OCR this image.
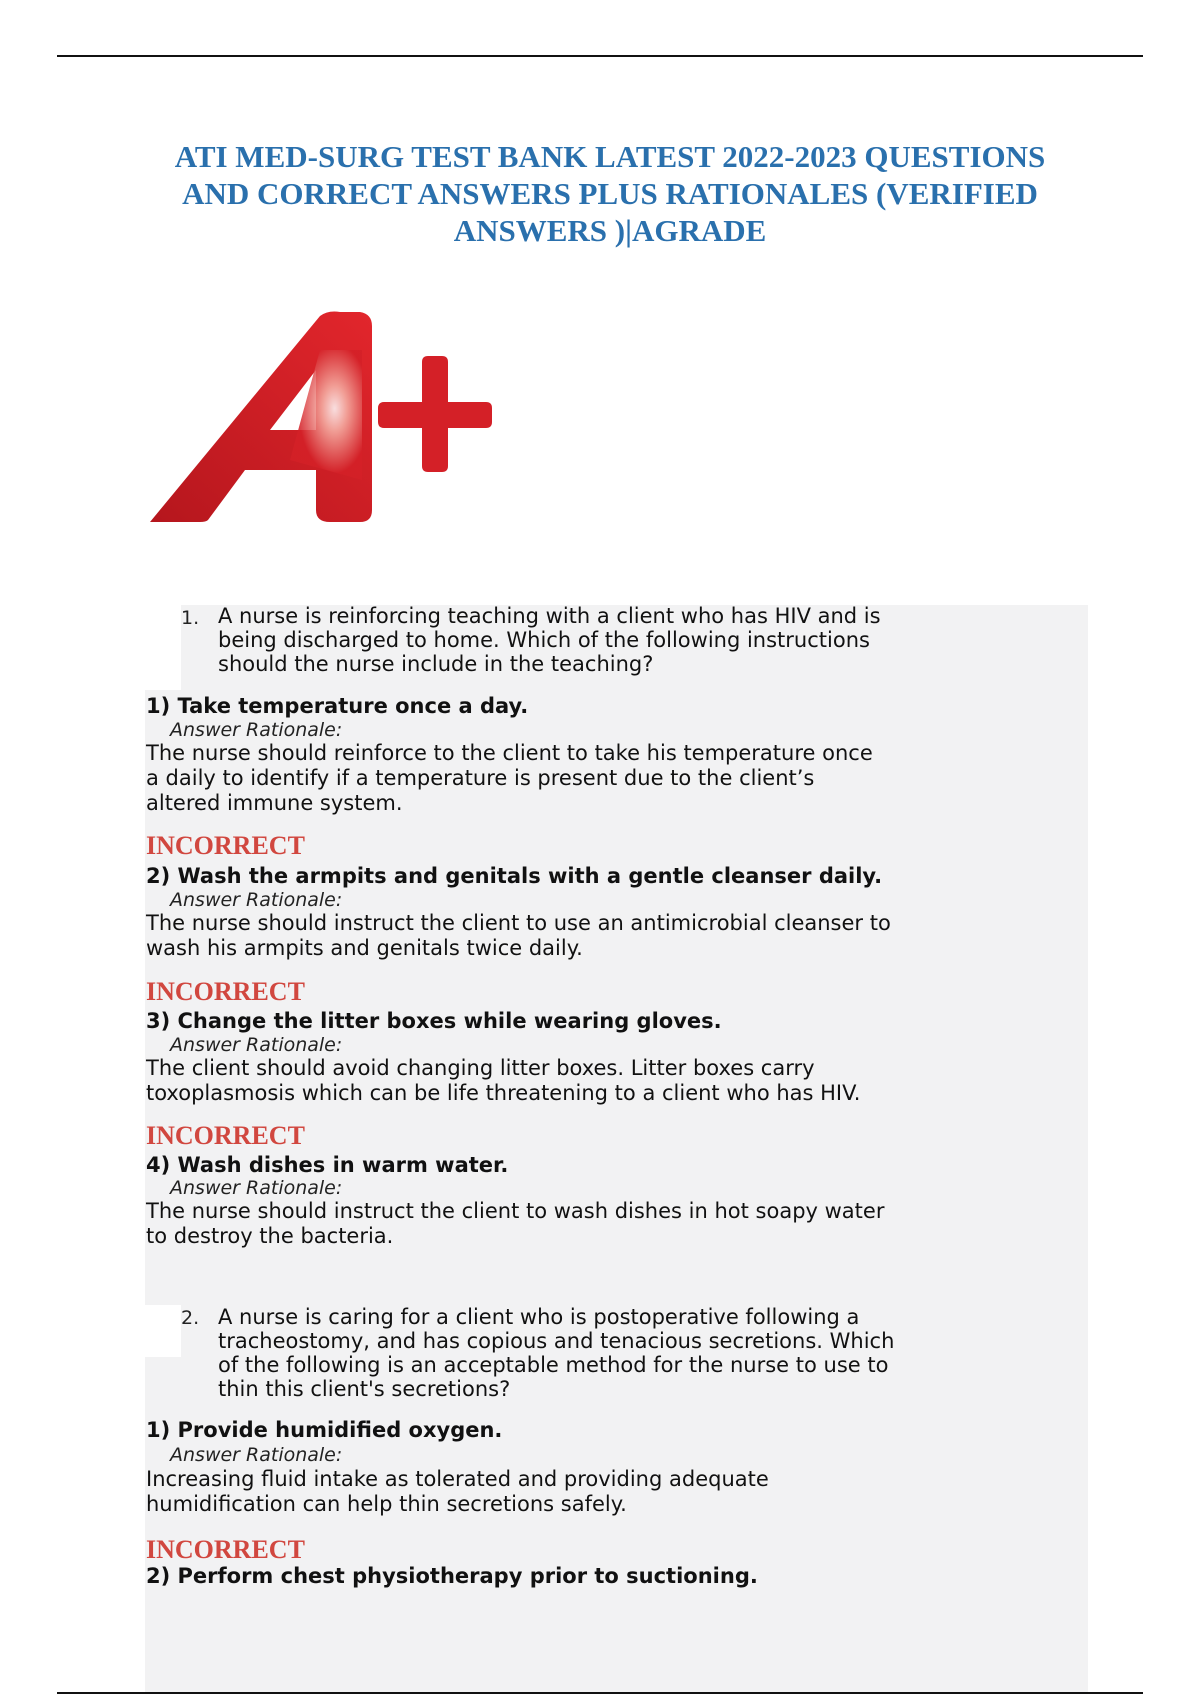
ATI MED-SURG TEST BANK LATEST 2022-2023 QUESTIONS
AND CORRECT ANSWERS PLUS RATIONALES (VERIFIED
ANSWERS )|AGRADE
1. A nurse is reinforcing teaching with a client who has HIV and is
being discharged to home. Which of the following instructions
should the nurse include in the teaching?
1) Take temperature once a day.
Answer Rationale:
The nurse should reinforce to the client to take his temperature once
a daily to identify if a temperature is present due to the client’s
altered immune system.
INCORRECT
2) Wash the armpits and genitals with a gentle cleanser daily.
Answer Rationale:
The nurse should instruct the client to use an antimicrobial cleanser to
wash his armpits and genitals twice daily.
INCORRECT
3) Change the litter boxes while wearing gloves.
Answer Rationale:
The client should avoid changing litter boxes. Litter boxes carry
toxoplasmosis which can be life threatening to a client who has HIV.
INCORRECT
4) Wash dishes in warm water.
Answer Rationale:
The nurse should instruct the client to wash dishes in hot soapy water
to destroy the bacteria.
2. A nurse is caring for a client who is postoperative following a
tracheostomy, and has copious and tenacious secretions. Which
of the following is an acceptable method for the nurse to use to
thin this client's secretions?
1) Provide humidified oxygen.
Answer Rationale:
Increasing fluid intake as tolerated and providing adequate
humidification can help thin secretions safely.
INCORRECT
2) Perform chest physiotherapy prior to suctioning.
